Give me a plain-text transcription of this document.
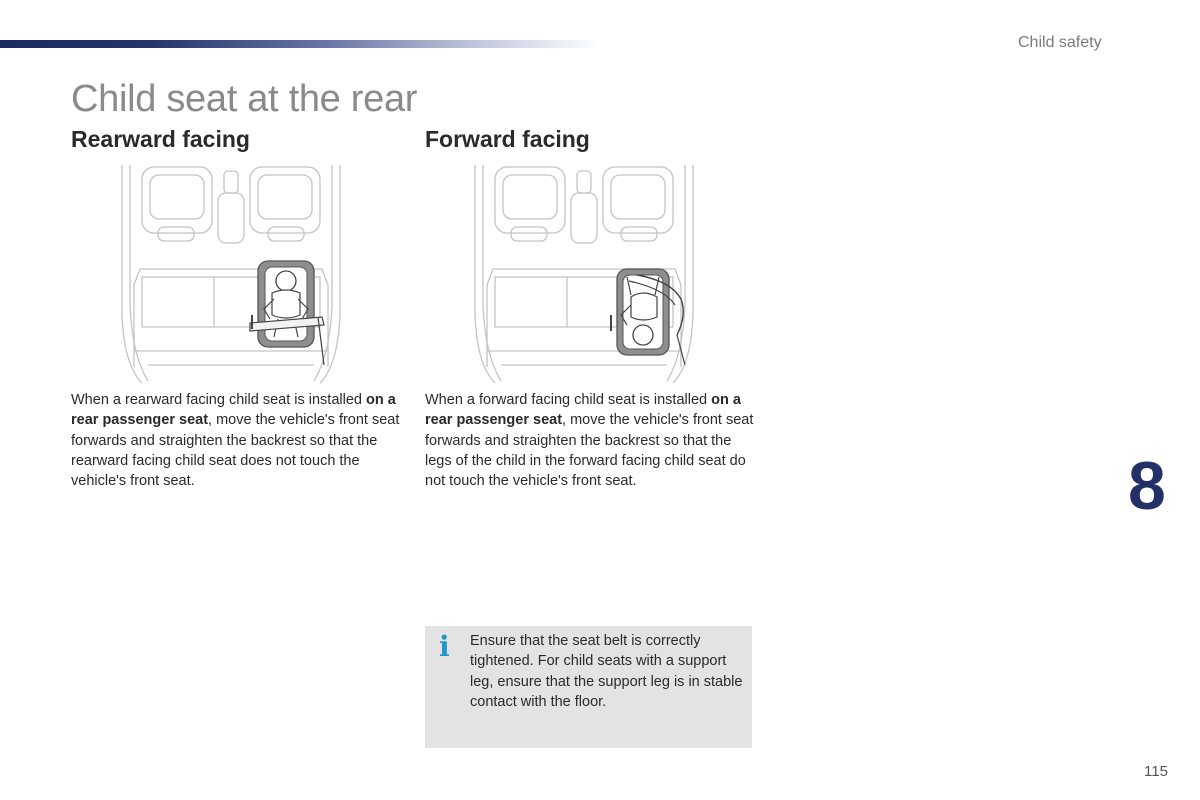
Child safety
Child seat at the rear
Rearward facing	Forward facing
When a rearward facing child seat is installed on a rear passenger seat, move the vehicle's front seat forwards and straighten the backrest so that the rearward facing child seat does not touch the vehicle's front seat.
When a forward facing child seat is installed on a rear passenger seat, move the vehicle's front seat forwards and straighten the backrest so that the legs of the child in the forward facing child seat do not touch the vehicle's front seat.
i Ensure that the seat belt is correctly tightened. For child seats with a support leg, ensure that the support leg is in stable contact with the floor.
8
115
